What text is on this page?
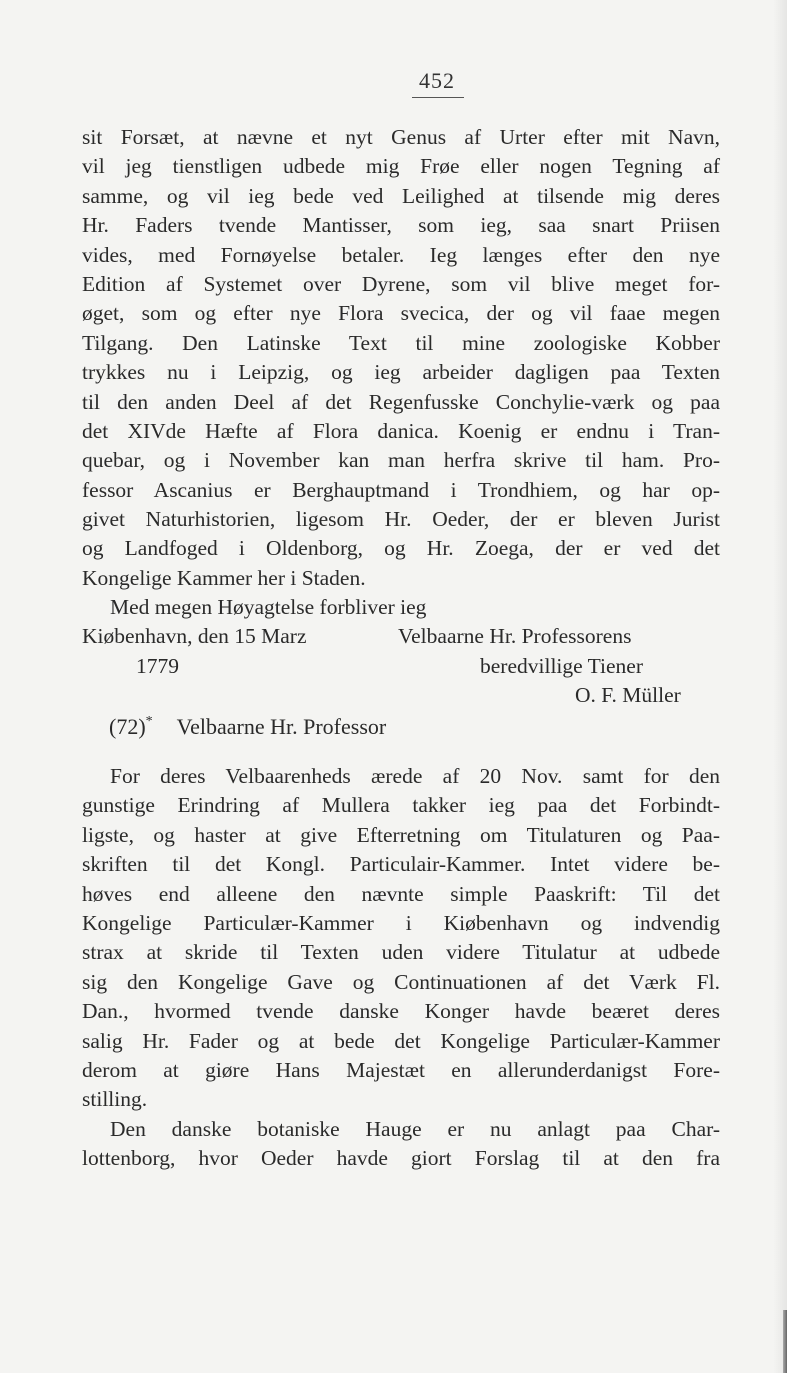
452
sit Forsæt, at nævne et nyt Genus af Urter efter mit Navn,
vil jeg tienstligen udbede mig Frøe eller nogen Tegning af
samme, og vil ieg bede ved Leilighed at tilsende mig deres
Hr. Faders tvende Mantisser, som ieg, saa snart Priisen
vides, med Fornøyelse betaler. Ieg længes efter den nye
Edition af Systemet over Dyrene, som vil blive meget for-
øget, som og efter nye Flora svecica, der og vil faae megen
Tilgang. Den Latinske Text til mine zoologiske Kobber
trykkes nu i Leipzig, og ieg arbeider dagligen paa Texten
til den anden Deel af det Regenfusske Conchylie-værk og paa
det XIVde Hæfte af Flora danica. Koenig er endnu i Tran-
quebar, og i November kan man herfra skrive til ham. Pro-
fessor Ascanius er Berghauptmand i Trondhiem, og har op-
givet Naturhistorien, ligesom Hr. Oeder, der er bleven Jurist
og Landfoged i Oldenborg, og Hr. Zoega, der er ved det
Kongelige Kammer her i Staden.
Med megen Høyagtelse forbliver ieg
Kiøbenhavn, den 15 Marz	Velbaarne Hr. Professorens
1779	beredvillige Tiener
O. F. Müller
(72)* Velbaarne Hr. Professor
For deres Velbaarenheds ærede af 20 Nov. samt for den
gunstige Erindring af Mullera takker ieg paa det Forbindt-
ligste, og haster at give Efterretning om Titulaturen og Paa-
skriften til det Kongl. Particulair-Kammer. Intet videre be-
høves end alleene den nævnte simple Paaskrift: Til det
Kongelige Particulær-Kammer i Kiøbenhavn og indvendig
strax at skride til Texten uden videre Titulatur at udbede
sig den Kongelige Gave og Continuationen af det Værk Fl.
Dan., hvormed tvende danske Konger havde beæret deres
salig Hr. Fader og at bede det Kongelige Particulær-Kammer
derom at giøre Hans Majestæt en allerunderdanigst Fore-
stilling.
Den danske botaniske Hauge er nu anlagt paa Char-
lottenborg, hvor Oeder havde giort Forslag til at den fra
